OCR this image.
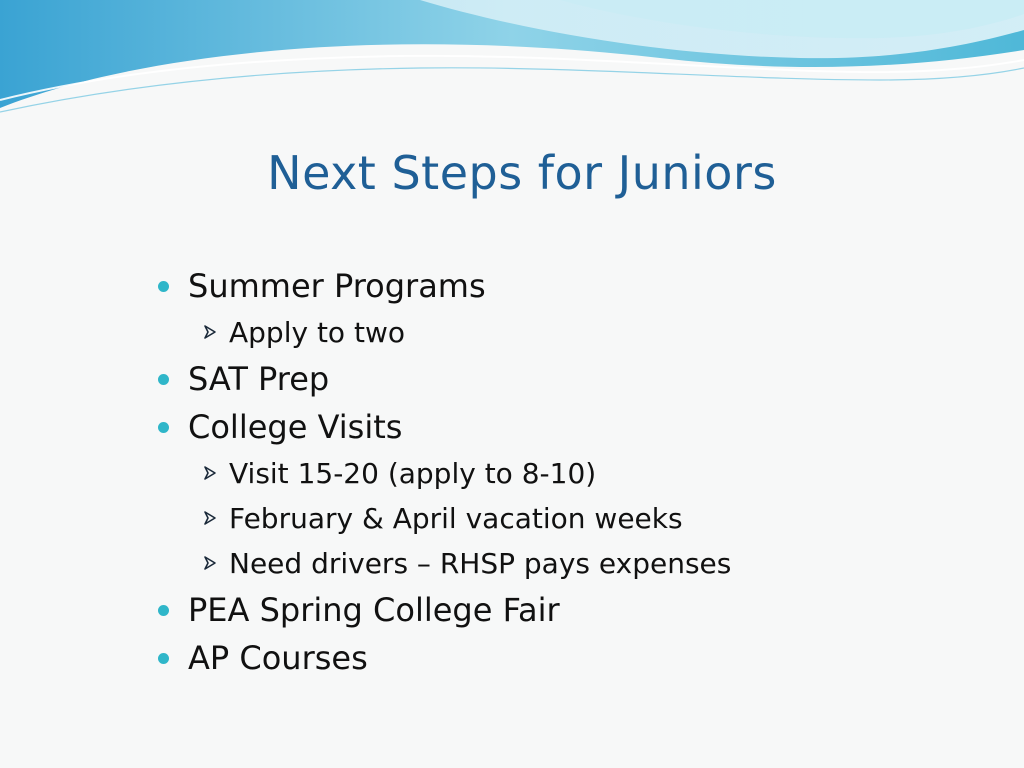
Next Steps for Juniors
Summer Programs
Apply to two
SAT Prep
College Visits
Visit 15-20 (apply to 8-10)
February & April vacation weeks
Need drivers – RHSP pays expenses
PEA Spring College Fair
AP Courses
